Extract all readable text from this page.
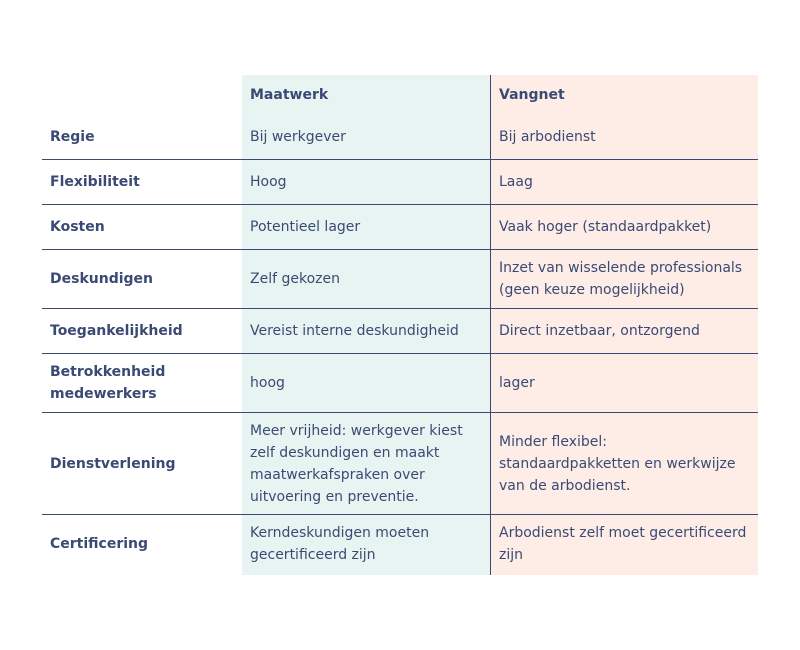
	Maatwerk	Vangnet
Regie	Bij werkgever	Bij arbodienst
Flexibiliteit	Hoog	Laag
Kosten	Potentieel lager	Vaak hoger (standaardpakket)
Deskundigen	Zelf gekozen	Inzet van wisselende professionals (geen keuze mogelijkheid)
Toegankelijkheid	Vereist interne deskundigheid	Direct inzetbaar, ontzorgend
Betrokkenheid medewerkers	hoog	lager
Dienstverlening	Meer vrijheid: werkgever kiest zelf deskundigen en maakt maatwerkafspraken over uitvoering en preventie.	Minder flexibel: standaardpakketten en werkwijze van de arbodienst.
Certificering	Kerndeskundigen moeten gecertificeerd zijn	Arbodienst zelf moet gecertificeerd zijn
